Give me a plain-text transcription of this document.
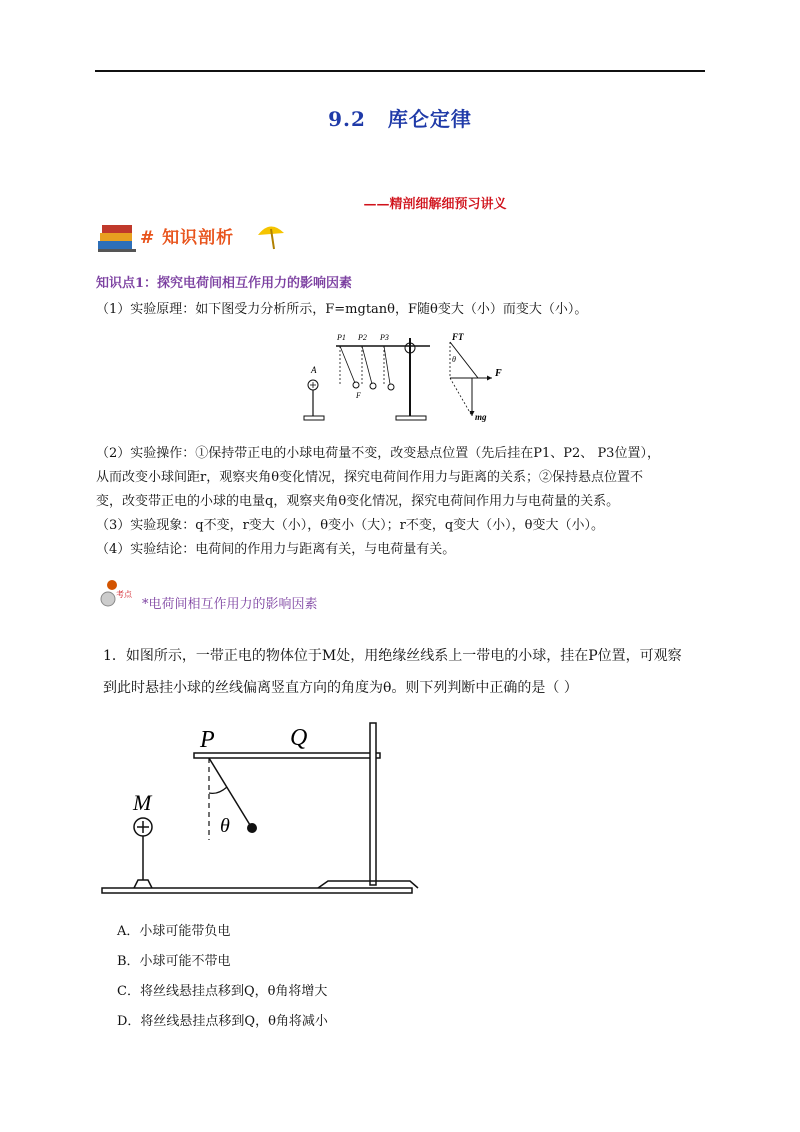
9.2 库仑定律
——精剖细解细预习讲义
# 知识剖析
知识点1：探究电荷间相互作用力的影响因素
（1）实验原理：如下图受力分析所示，F=mgtanθ，F随θ变大（小）而变大（小）。
A
P1 P2 P3
F
FT
θ
F
mg
（2）实验操作：①保持带正电的小球电荷量不变，改变悬点位置（先后挂在P1、P2、 P3位置），
从而改变小球间距r，观察夹角θ变化情况，探究电荷间作用力与距离的关系；②保持悬点位置不
变，改变带正电的小球的电量q，观察夹角θ变化情况，探究电荷间作用力与电荷量的关系。
（3）实验现象：q不变，r变大（小），θ变小（大）；r不变，q变大（小），θ变大（小）。
（4）实验结论：电荷间的作用力与距离有关，与电荷量有关。
考点
*电荷间相互作用力的影响因素
1．如图所示，一带正电的物体位于M处，用绝缘丝线系上一带电的小球，挂在P位置，可观察
到此时悬挂小球的丝线偏离竖直方向的角度为θ。则下列判断中正确的是（ ）
P	Q
θ
M
A．小球可能带负电
B．小球可能不带电
C．将丝线悬挂点移到Q，θ角将增大
D．将丝线悬挂点移到Q，θ角将减小
